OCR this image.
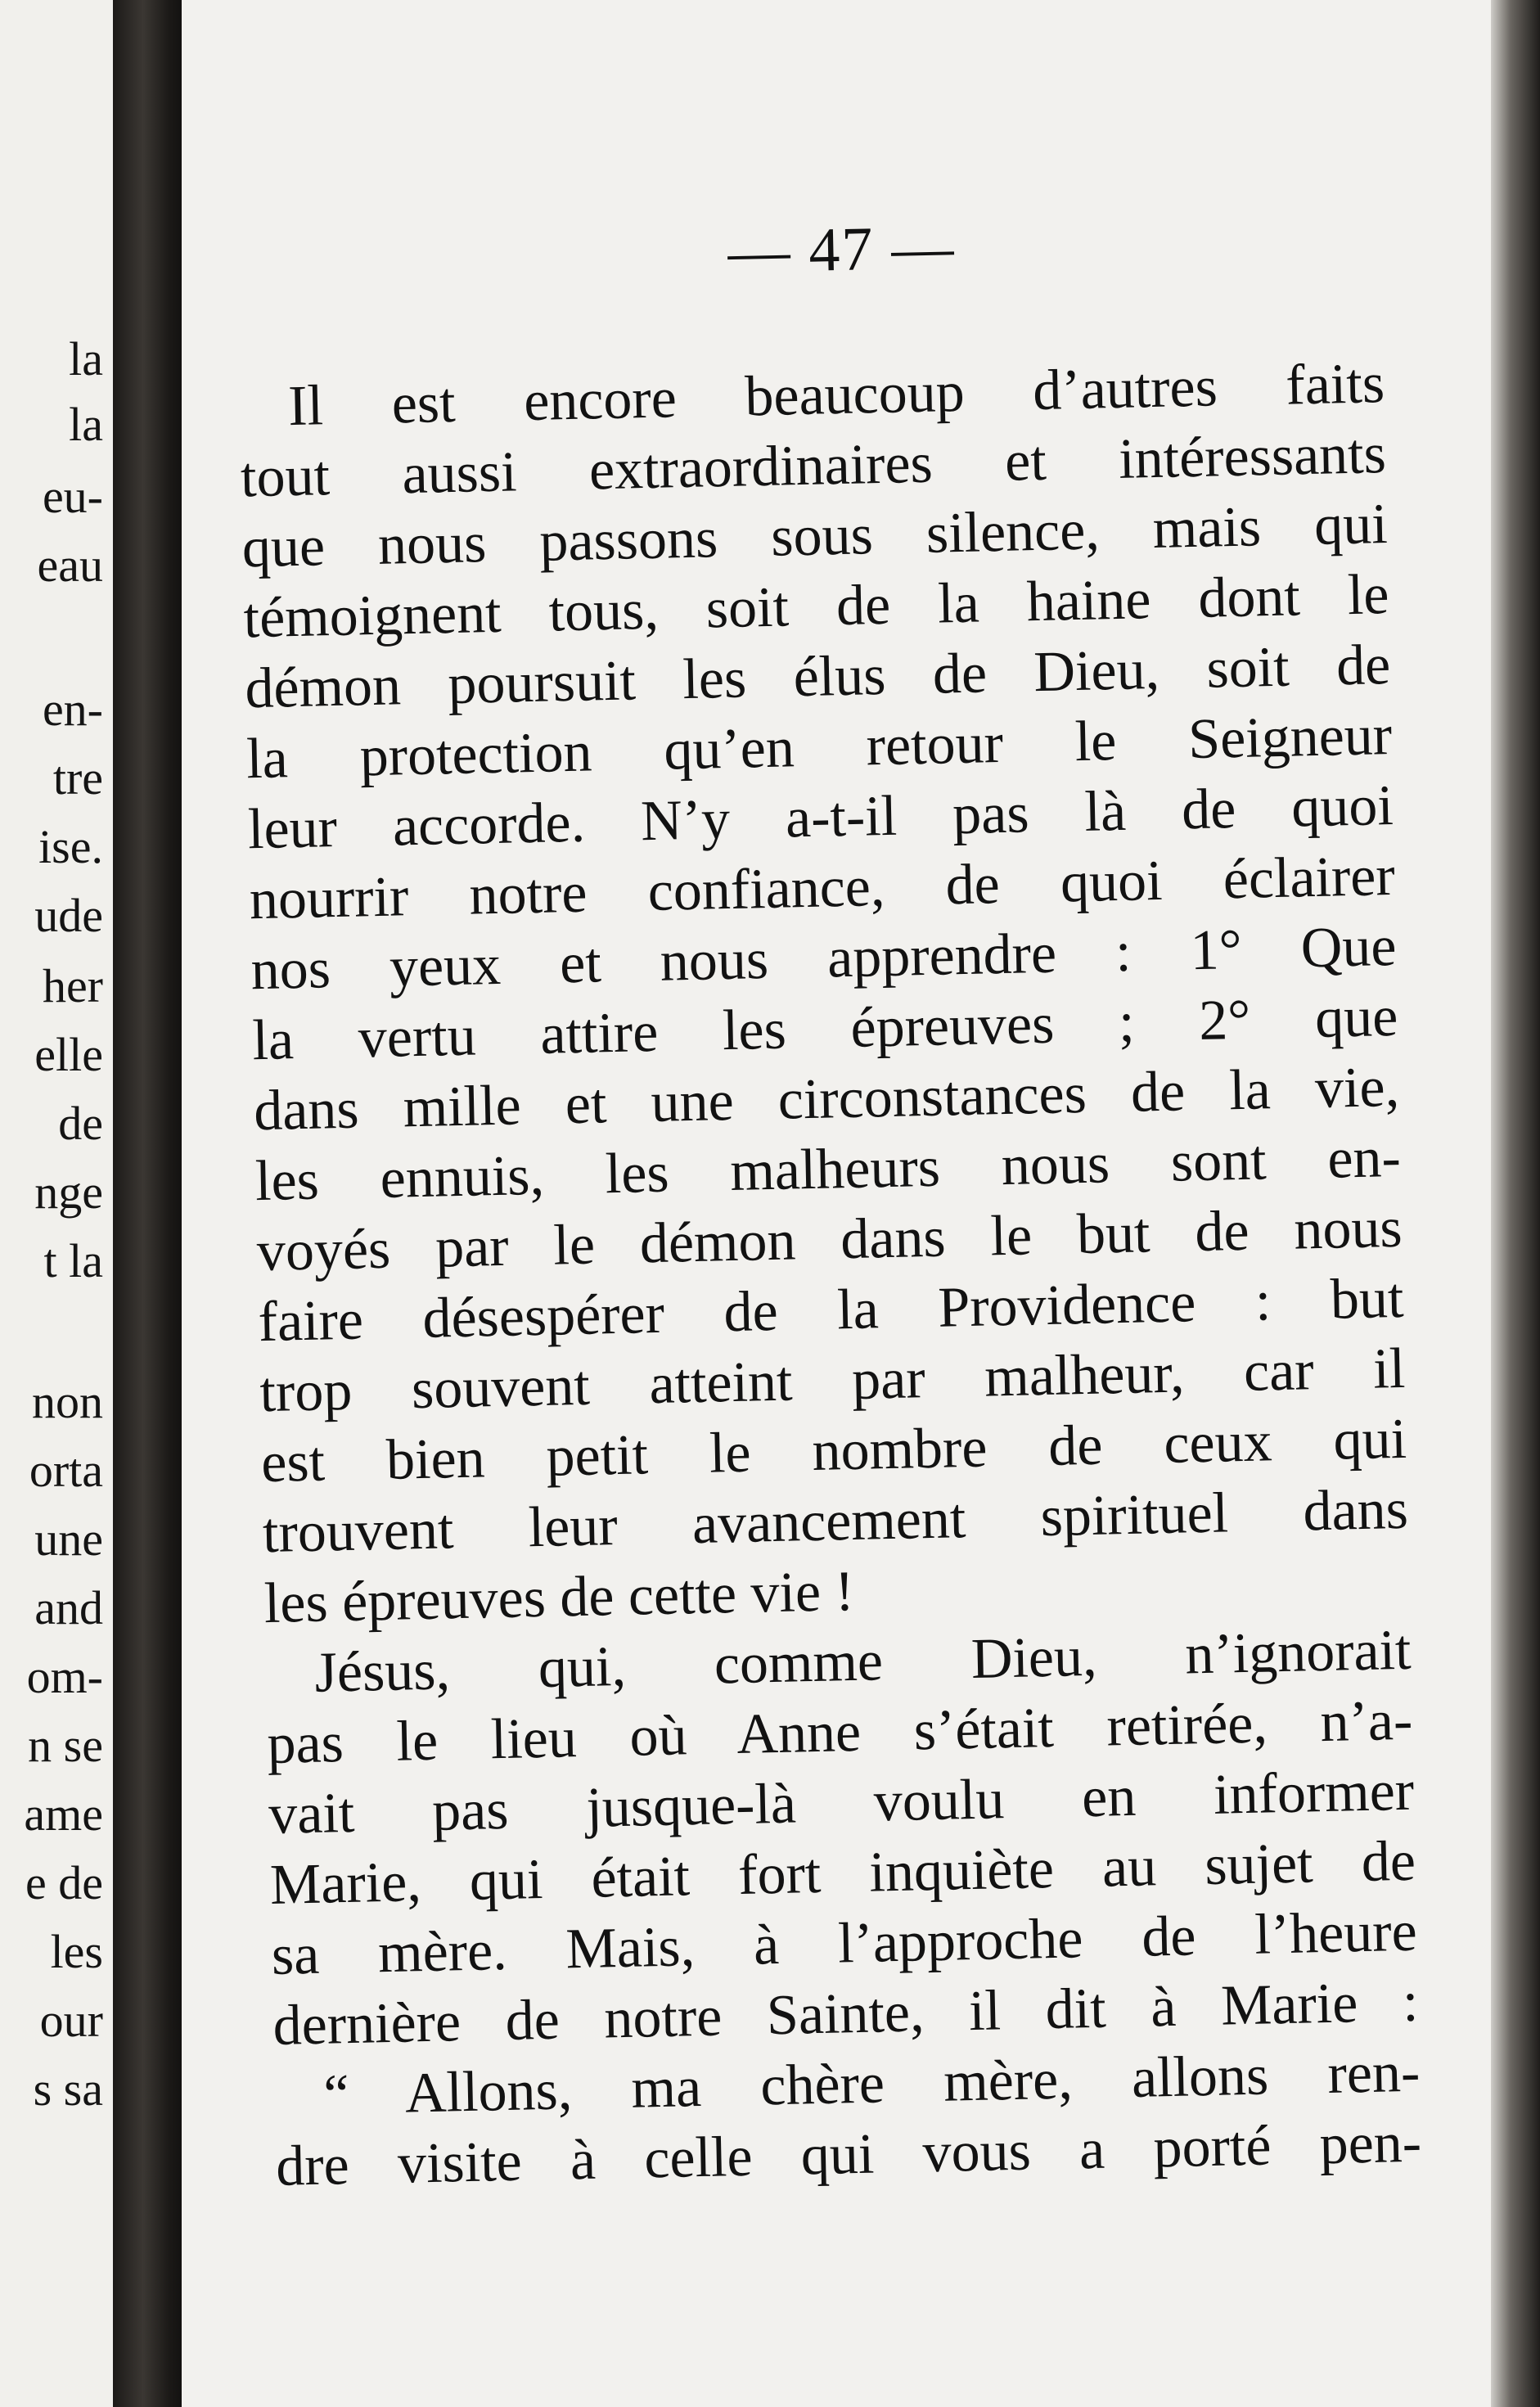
la
la
eu-
eau
en-
tre
ise.
ude
her
elle
de
nge
t la
non
orta
une
and
om-
n se
ame
e de
les
our
s sa
— 47 —
Il est encore beaucoup d’autres faits
tout aussi extraordinaires et intéressants
que nous passons sous silence, mais qui
témoignent tous, soit de la haine dont le
démon poursuit les élus de Dieu, soit de
la protection qu’en retour le Seigneur
leur accorde. N’y a-t-il pas là de quoi
nourrir notre confiance, de quoi éclairer
nos yeux et nous apprendre : 1° Que
la vertu attire les épreuves ; 2° que
dans mille et une circonstances de la vie,
les ennuis, les malheurs nous sont en-
voyés par le démon dans le but de nous
faire désespérer de la Providence : but
trop souvent atteint par malheur, car il
est bien petit le nombre de ceux qui
trouvent leur avancement spirituel dans
les épreuves de cette vie !
Jésus, qui, comme Dieu, n’ignorait
pas le lieu où Anne s’était retirée, n’a-
vait pas jusque-là voulu en informer
Marie, qui était fort inquiète au sujet de
sa mère. Mais, à l’approche de l’heure
dernière de notre Sainte, il dit à Marie :
“ Allons, ma chère mère, allons ren-
dre visite à celle qui vous a porté pen-
